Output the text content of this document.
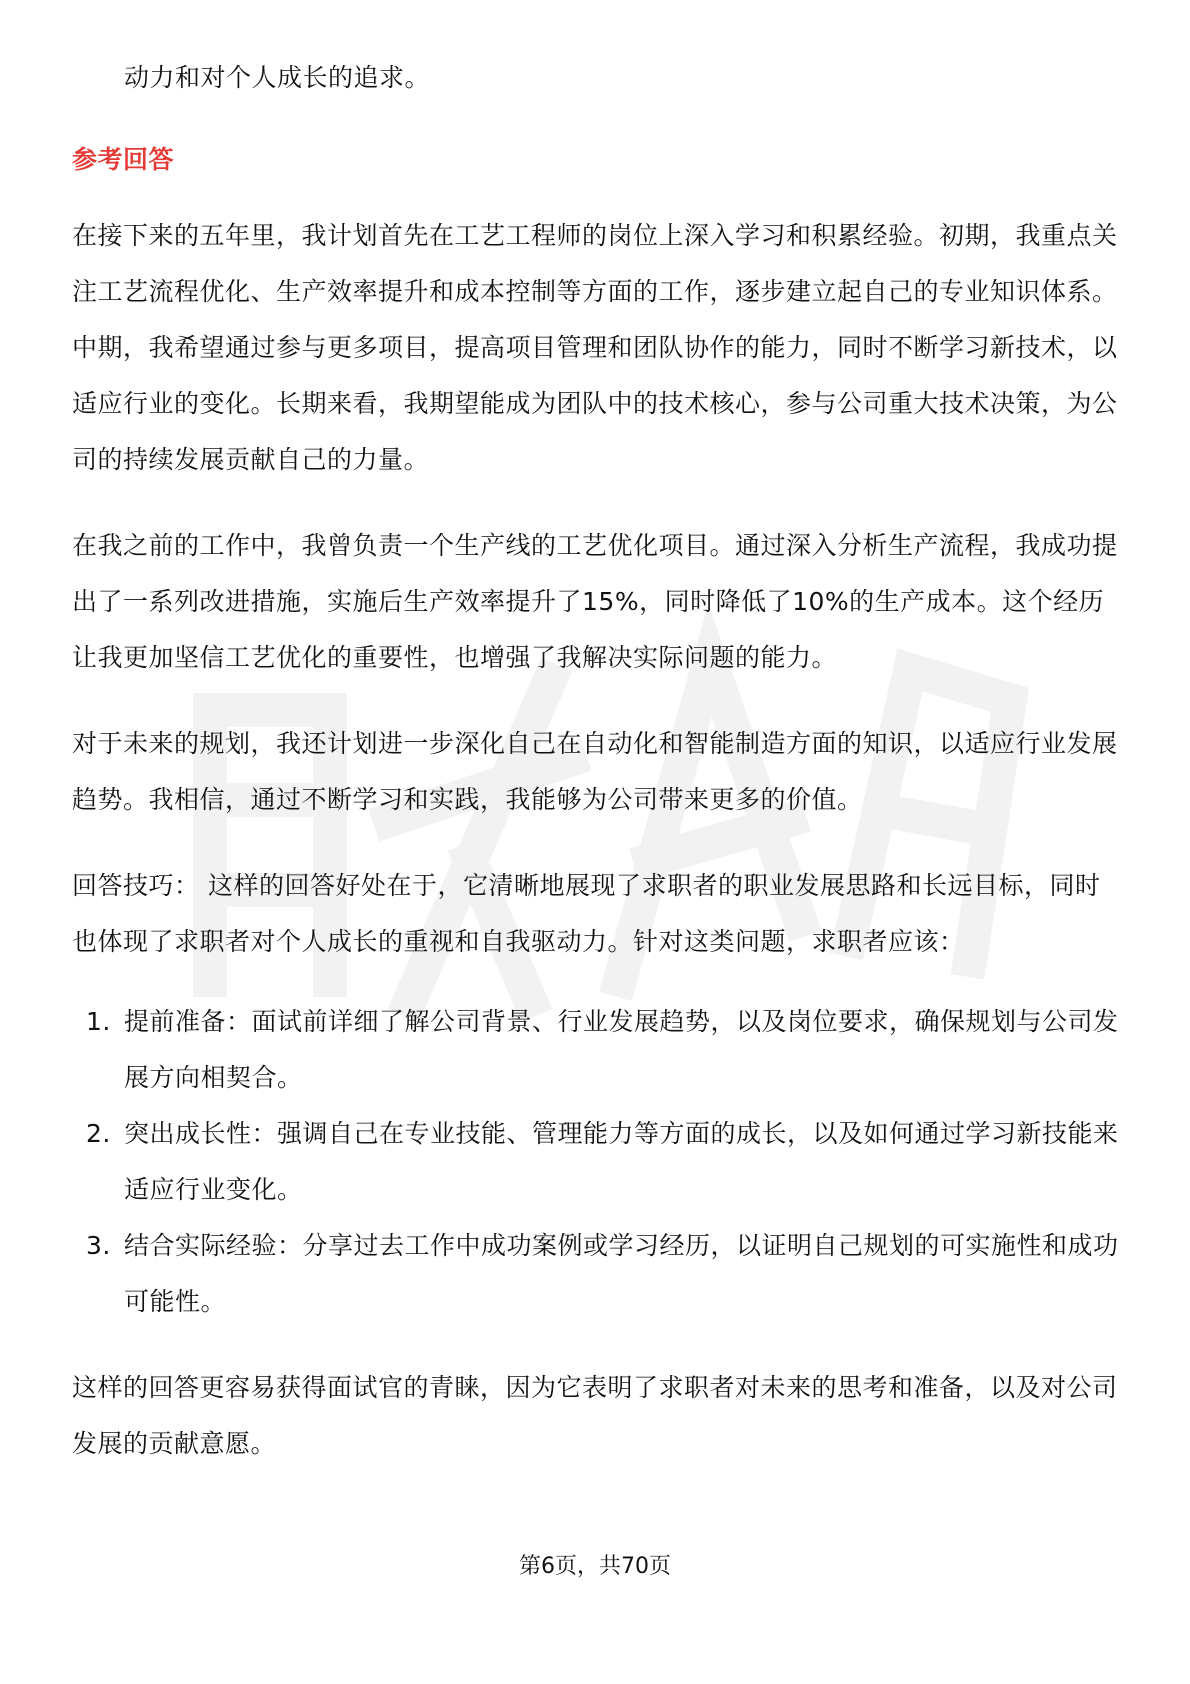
动力和对个人成长的追求。

参考回答

在接下来的五年里，我计划首先在工艺工程师的岗位上深入学习和积累经验。初期，我重点关注工艺流程优化、生产效率提升和成本控制等方面的工作，逐步建立起自己的专业知识体系。中期，我希望通过参与更多项目，提高项目管理和团队协作的能力，同时不断学习新技术，以适应行业的变化。长期来看，我期望能成为团队中的技术核心，参与公司重大技术决策，为公司的持续发展贡献自己的力量。

在我之前的工作中，我曾负责一个生产线的工艺优化项目。通过深入分析生产流程，我成功提出了一系列改进措施，实施后生产效率提升了15%，同时降低了10%的生产成本。这个经历让我更加坚信工艺优化的重要性，也增强了我解决实际问题的能力。

对于未来的规划，我还计划进一步深化自己在自动化和智能制造方面的知识，以适应行业发展趋势。我相信，通过不断学习和实践，我能够为公司带来更多的价值。

回答技巧： 这样的回答好处在于，它清晰地展现了求职者的职业发展思路和长远目标，同时也体现了求职者对个人成长的重视和自我驱动力。针对这类问题，求职者应该：

1. 提前准备：面试前详细了解公司背景、行业发展趋势，以及岗位要求，确保规划与公司发展方向相契合。
2. 突出成长性：强调自己在专业技能、管理能力等方面的成长，以及如何通过学习新技能来适应行业变化。
3. 结合实际经验：分享过去工作中成功案例或学习经历，以证明自己规划的可实施性和成功可能性。

这样的回答更容易获得面试官的青睐，因为它表明了求职者对未来的思考和准备，以及对公司发展的贡献意愿。

第6页，共70页
